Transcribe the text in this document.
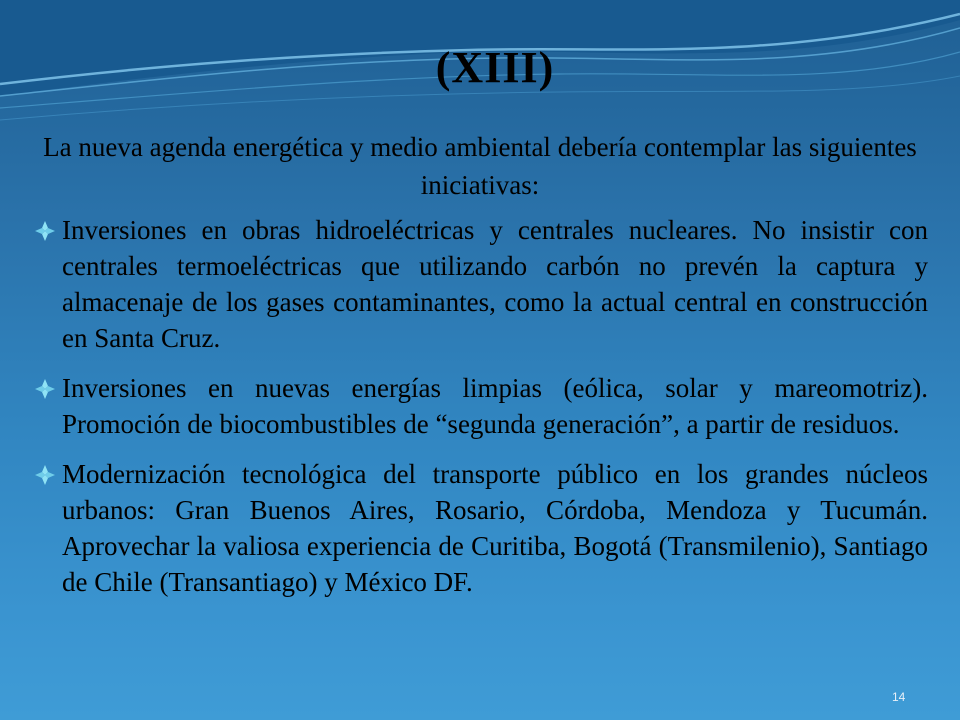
(XIII)
La nueva agenda energética y medio ambiental debería contemplar las siguientes iniciativas:
Inversiones en obras hidroeléctricas y centrales nucleares. No insistir con centrales termoeléctricas que utilizando carbón no prevén la captura y almacenaje de los gases contaminantes, como la actual central en construcción en Santa Cruz.
Inversiones en nuevas energías limpias (eólica, solar y mareomotriz). Promoción de biocombustibles de “segunda generación”, a partir de residuos.
Modernización tecnológica del transporte público en los grandes núcleos urbanos: Gran Buenos Aires, Rosario, Córdoba, Mendoza y Tucumán. Aprovechar la valiosa experiencia de Curitiba, Bogotá (Transmilenio), Santiago de Chile (Transantiago) y México DF.
14
